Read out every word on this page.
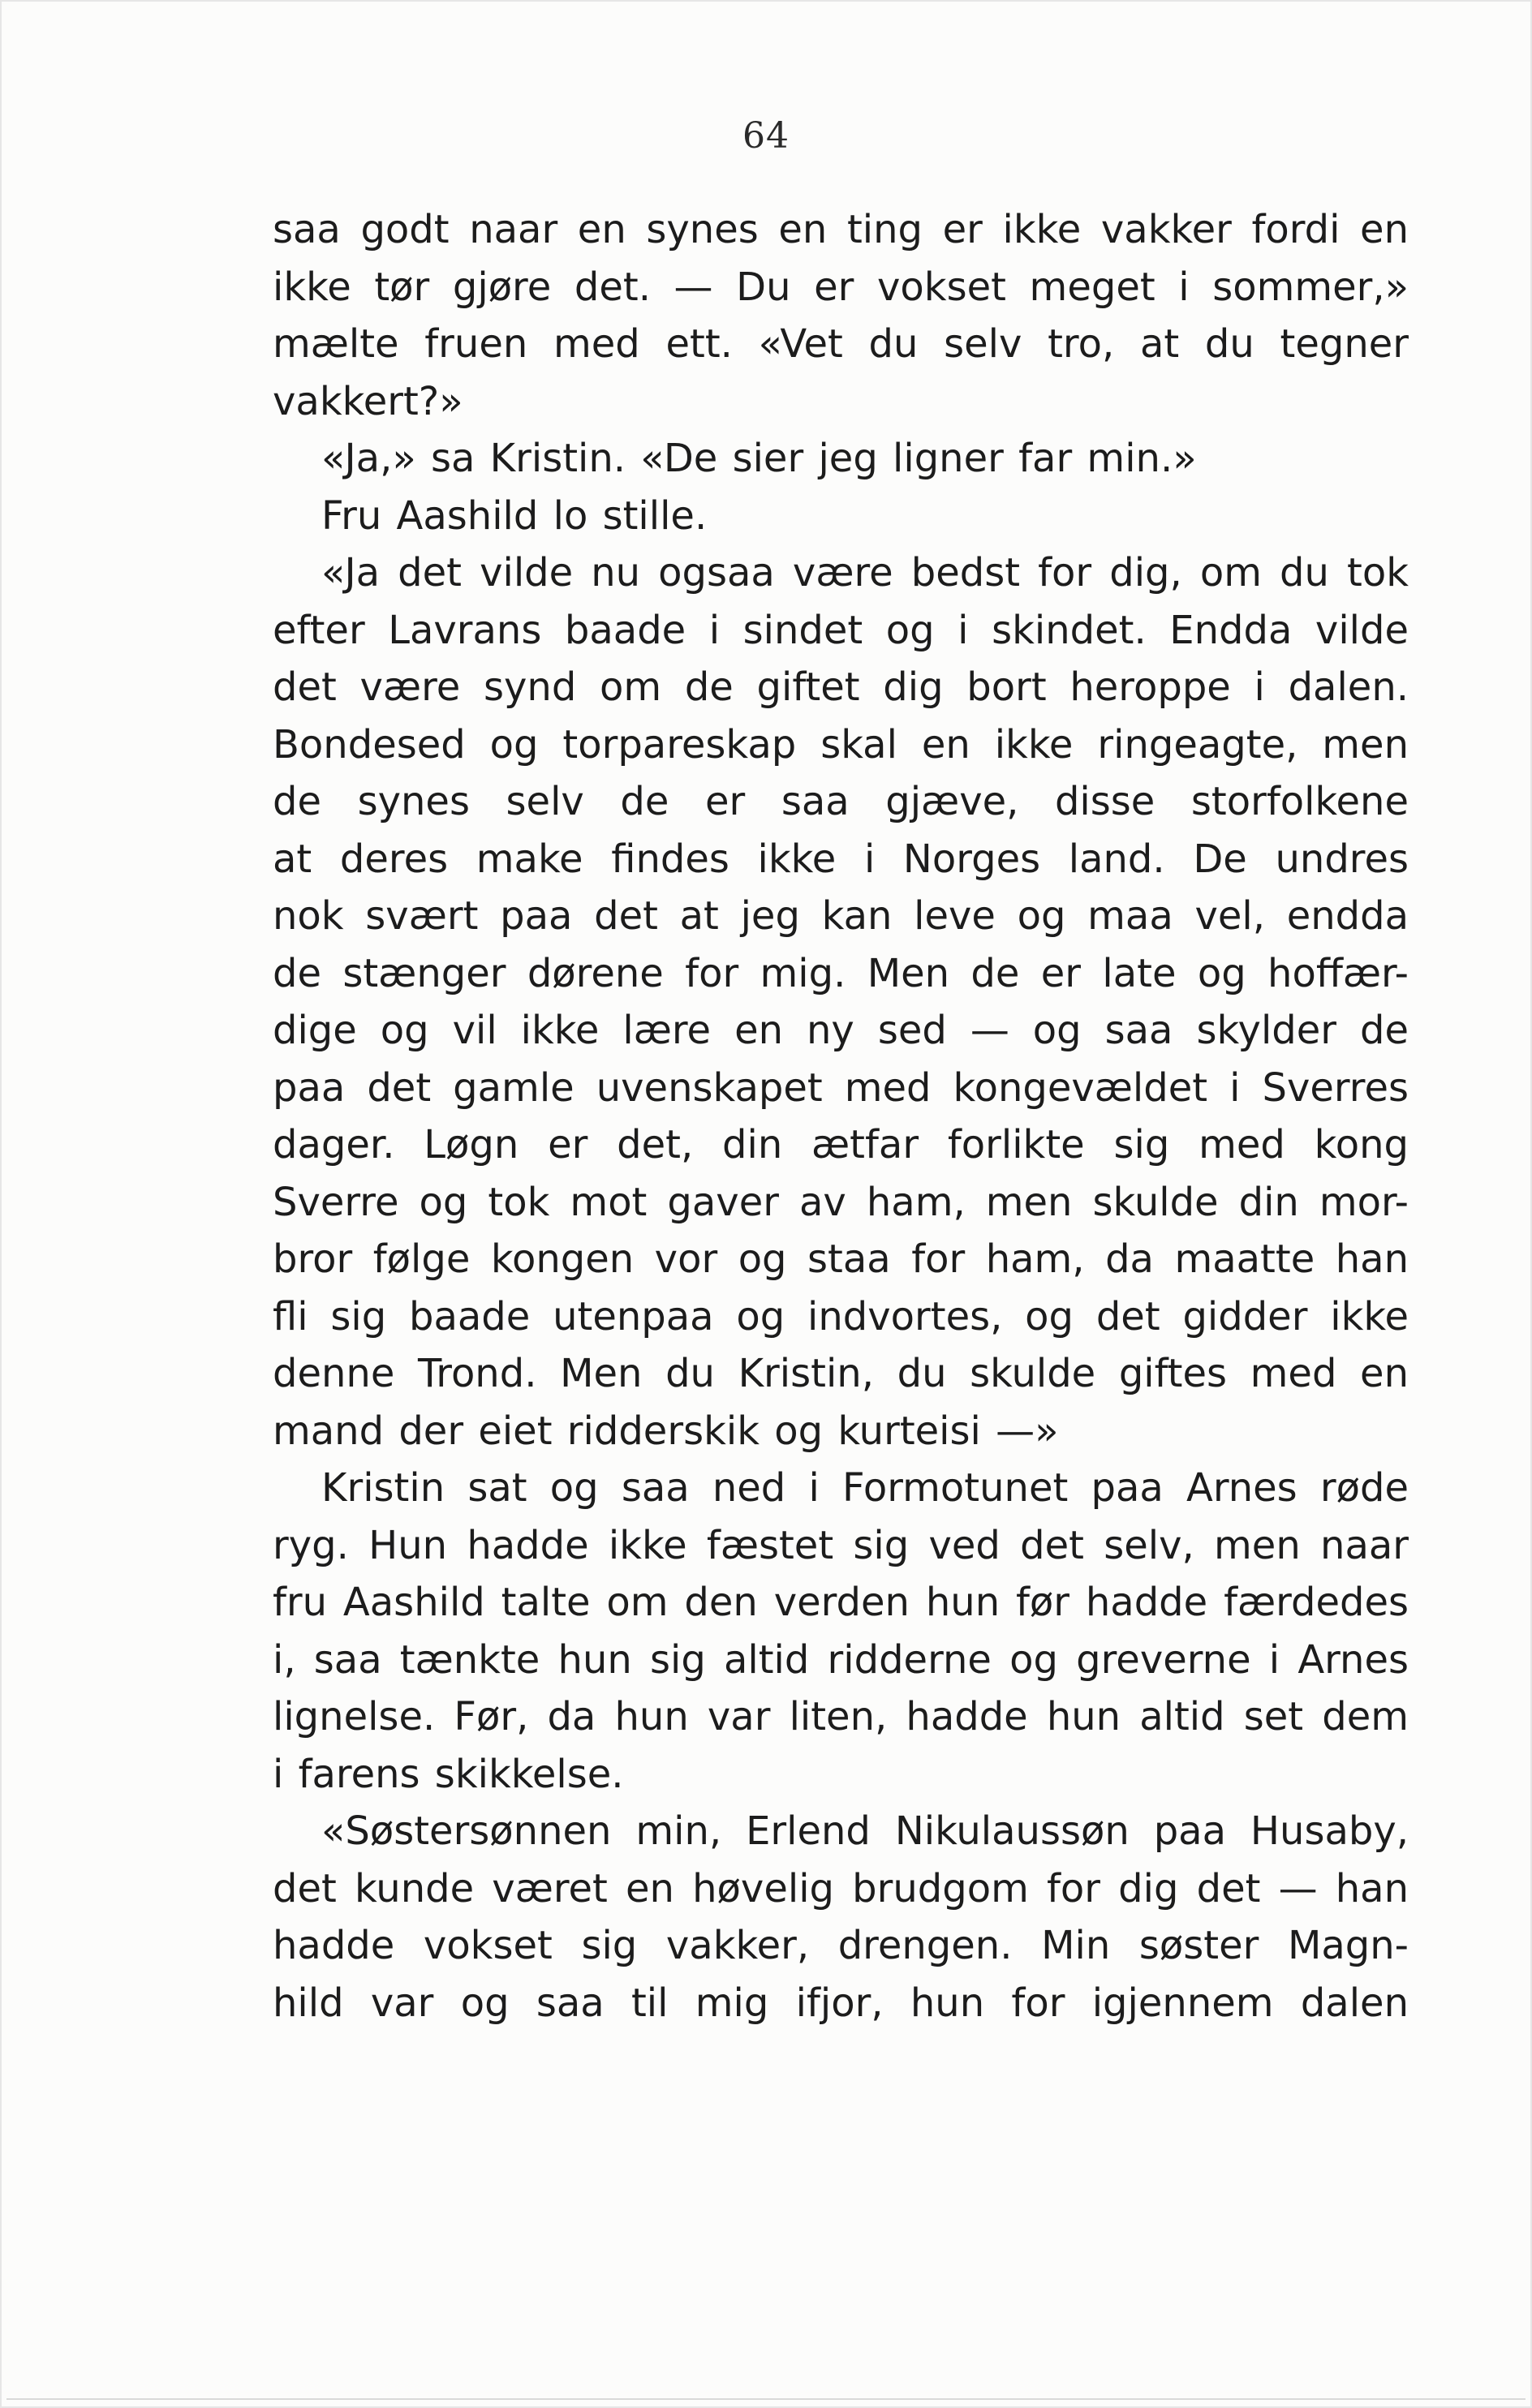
64
saa godt naar en synes en ting er ikke vakker fordi en
ikke tør gjøre det. — Du er vokset meget i sommer,»
mælte fruen med ett. «Vet du selv tro, at du tegner
vakkert?»
«Ja,» sa Kristin. «De sier jeg ligner far min.»
Fru Aashild lo stille.
«Ja det vilde nu ogsaa være bedst for dig, om du tok
efter Lavrans baade i sindet og i skindet. Endda vilde
det være synd om de giftet dig bort heroppe i dalen.
Bondesed og torpareskap skal en ikke ringeagte, men
de synes selv de er saa gjæve, disse storfolkene
at deres make findes ikke i Norges land. De undres
nok svært paa det at jeg kan leve og maa vel, endda
de stænger dørene for mig. Men de er late og hoffær-
dige og vil ikke lære en ny sed — og saa skylder de
paa det gamle uvenskapet med kongevældet i Sverres
dager. Løgn er det, din ætfar forlikte sig med kong
Sverre og tok mot gaver av ham, men skulde din mor-
bror følge kongen vor og staa for ham, da maatte han
fli sig baade utenpaa og indvortes, og det gidder ikke
denne Trond. Men du Kristin, du skulde giftes med en
mand der eiet ridderskik og kurteisi —»
Kristin sat og saa ned i Formotunet paa Arnes røde
ryg. Hun hadde ikke fæstet sig ved det selv, men naar
fru Aashild talte om den verden hun før hadde færdedes
i, saa tænkte hun sig altid ridderne og greverne i Arnes
lignelse. Før, da hun var liten, hadde hun altid set dem
i farens skikkelse.
«Søstersønnen min, Erlend Nikulaussøn paa Husaby,
det kunde været en høvelig brudgom for dig det — han
hadde vokset sig vakker, drengen. Min søster Magn-
hild var og saa til mig ifjor, hun for igjennem dalen
